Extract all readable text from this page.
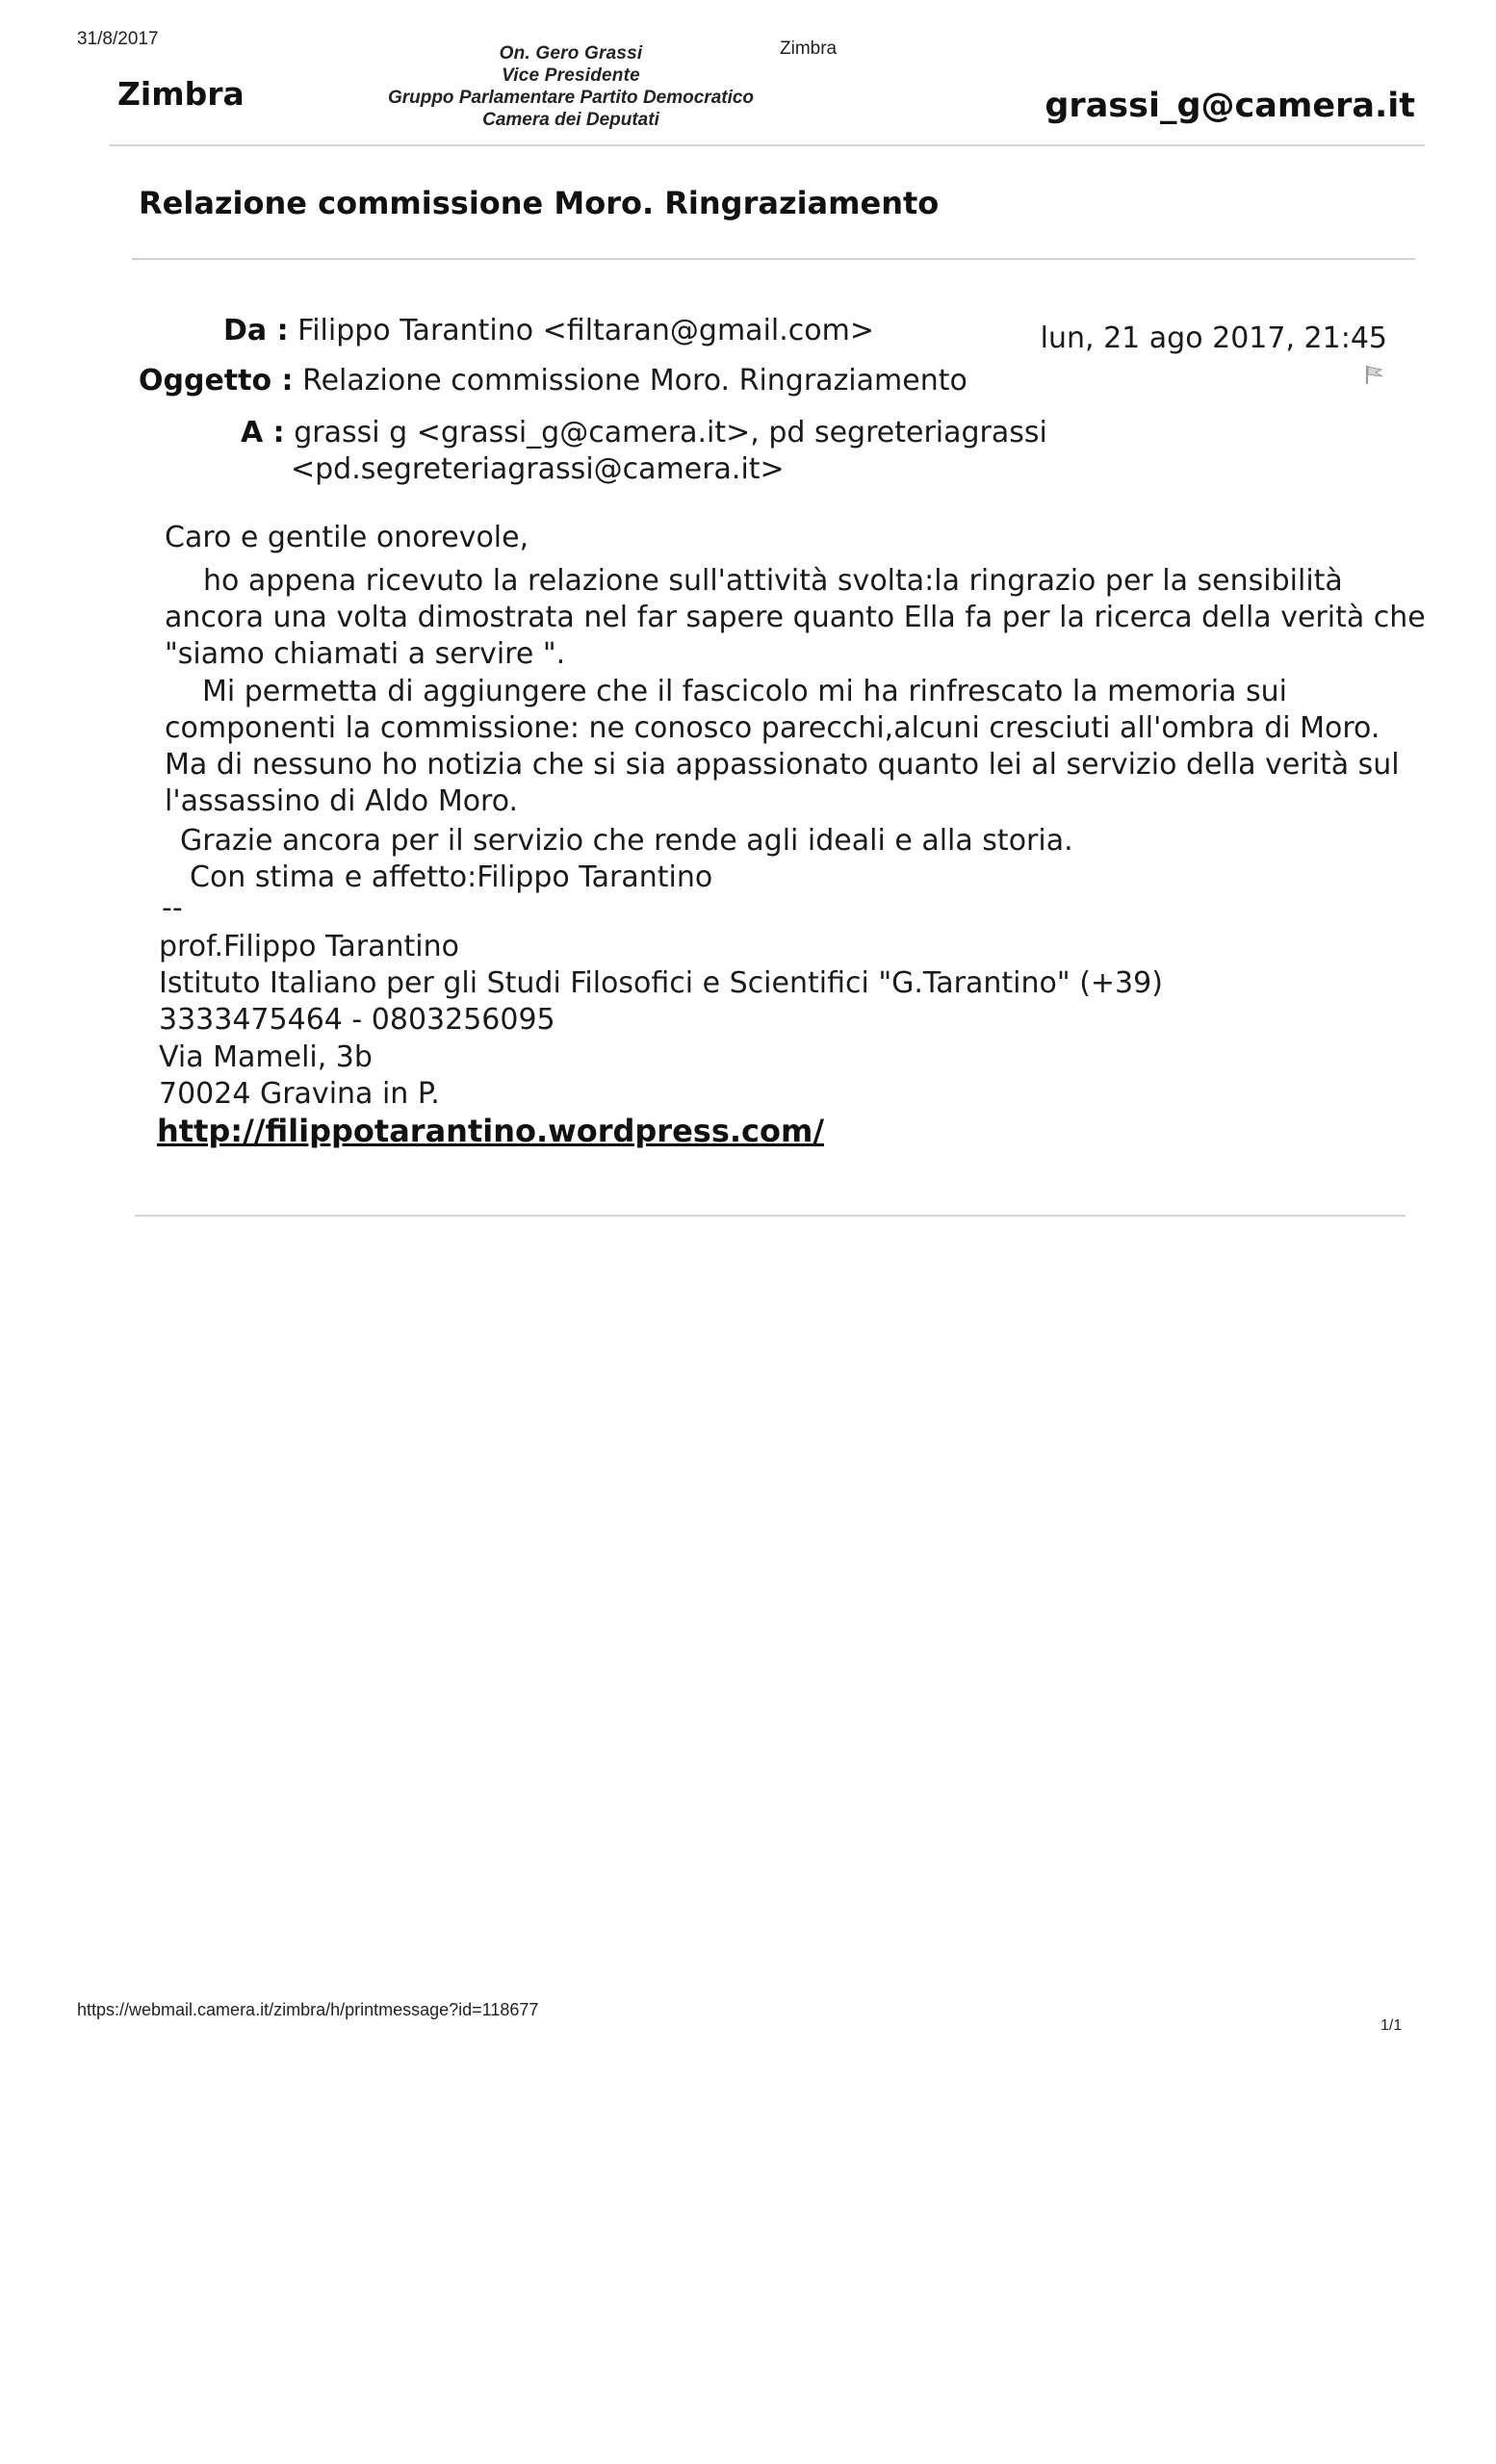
31/8/2017	Zimbra
On. Gero Grassi
Vice Presidente
Gruppo Parlamentare Partito Democratico
Camera dei Deputati
Zimbra	grassi_g@camera.it
Relazione commissione Moro. Ringraziamento
Da : Filippo Tarantino <filtaran@gmail.com>	lun, 21 ago 2017, 21:45
Oggetto : Relazione commissione Moro. Ringraziamento
A : grassi g <grassi_g@camera.it>, pd segreteriagrassi
<pd.segreteriagrassi@camera.it>
Caro e gentile onorevole,
ho appena ricevuto la relazione sull'attività svolta:la ringrazio per la sensibilità
ancora una volta dimostrata nel far sapere quanto Ella fa per la ricerca della verità che
"siamo chiamati a servire ".
Mi permetta di aggiungere che il fascicolo mi ha rinfrescato la memoria sui
componenti la commissione: ne conosco parecchi,alcuni cresciuti all'ombra di Moro.
Ma di nessuno ho notizia che si sia appassionato quanto lei al servizio della verità sul
l'assassino di Aldo Moro.
Grazie ancora per il servizio che rende agli ideali e alla storia.
Con stima e affetto:Filippo Tarantino
--
prof.Filippo Tarantino
Istituto Italiano per gli Studi Filosofici e Scientifici "G.Tarantino" (+39)
3333475464 - 0803256095
Via Mameli, 3b
70024 Gravina in P.
http://filippotarantino.wordpress.com/
https://webmail.camera.it/zimbra/h/printmessage?id=118677
1/1
